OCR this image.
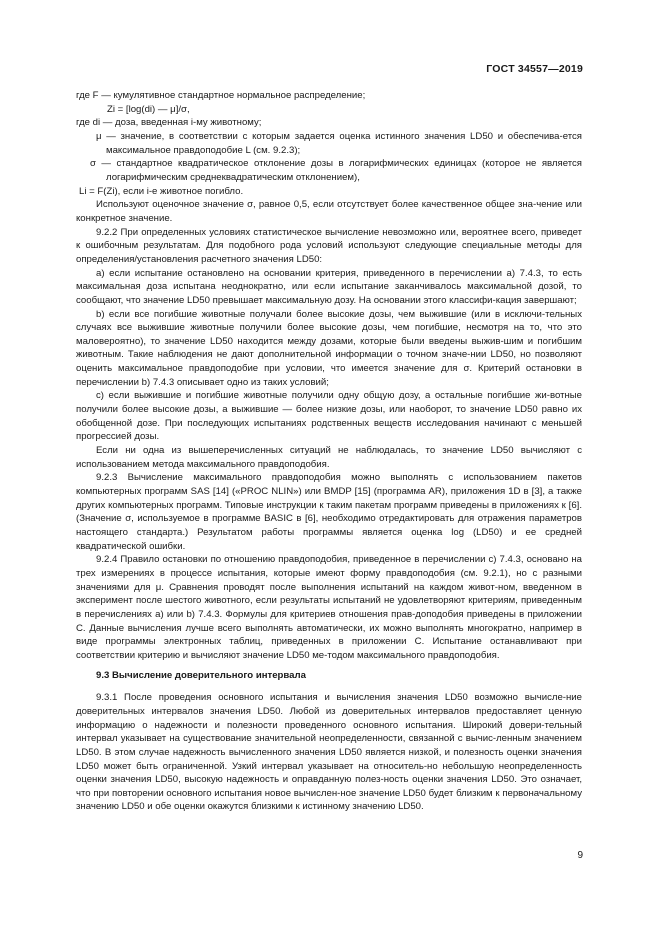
ГОСТ 34557—2019

где F — кумулятивное стандартное нормальное распределение;

Zi = [log(di) — μ]/σ,

где di — доза, введенная i-му животному;

μ — значение, в соответствии с которым задается оценка истинного значения LD50 и обеспечива-ется максимальное правдоподобие L (см. 9.2.3);

σ — стандартное квадратическое отклонение дозы в логарифмических единицах (которое не является логарифмическим среднеквадратическим отклонением),

Li = F(Zi), если i-е животное погибло.

Используют оценочное значение σ, равное 0,5, если отсутствует более качественное общее зна-чение или конкретное значение.

9.2.2 При определенных условиях статистическое вычисление невозможно или, вероятнее всего, приведет к ошибочным результатам. Для подобного рода условий используют следующие специальные методы для определения/установления расчетного значения LD50:

а) если испытание остановлено на основании критерия, приведенного в перечислении а) 7.4.3, то есть максимальная доза испытана неоднократно, или если испытание заканчивалось максимальной дозой, то сообщают, что значение LD50 превышает максимальную дозу. На основании этого классифи-кация завершают;

b) если все погибшие животные получали более высокие дозы, чем выжившие (или в исключи-тельных случаях все выжившие животные получили более высокие дозы, чем погибшие, несмотря на то, что это маловероятно), то значение LD50 находится между дозами, которые были введены выжив-шим и погибшим животным. Такие наблюдения не дают дополнительной информации о точном значе-нии LD50, но позволяют оценить максимальное правдоподобие при условии, что имеется значение для σ. Критерий остановки в перечислении b) 7.4.3 описывает одно из таких условий;

с) если выжившие и погибшие животные получили одну общую дозу, а остальные погибшие жи-вотные получили более высокие дозы, а выжившие — более низкие дозы, или наоборот, то значение LD50 равно их обобщенной дозе. При последующих испытаниях родственных веществ исследования начинают с меньшей прогрессией дозы.

Если ни одна из вышеперечисленных ситуаций не наблюдалась, то значение LD50 вычисляют с использованием метода максимального правдоподобия.

9.2.3 Вычисление максимального правдоподобия можно выполнять с использованием пакетов компьютерных программ SAS [14] («PROC NLIN») или BMDP [15] (программа AR), приложения 1D в [3], а также других компьютерных программ. Типовые инструкции к таким пакетам программ приведены в приложениях к [6]. (Значение σ, используемое в программе BASIC в [6], необходимо отредактировать для отражения параметров настоящего стандарта.) Результатом работы программы является оценка log (LD50) и ее средней квадратической ошибки.

9.2.4 Правило остановки по отношению правдоподобия, приведенное в перечислении с) 7.4.3, основано на трех измерениях в процессе испытания, которые имеют форму правдоподобия (см. 9.2.1), но с разными значениями для μ. Сравнения проводят после выполнения испытаний на каждом живот-ном, введенном в эксперимент после шестого животного, если результаты испытаний не удовлетворяют критериям, приведенным в перечислениях а) или b) 7.4.3. Формулы для критериев отношения прав-доподобия приведены в приложении С. Данные вычисления лучше всего выполнять автоматически, их можно выполнять многократно, например в виде программы электронных таблиц, приведенных в приложении С. Испытание останавливают при соответствии критерию и вычисляют значение LD50 ме-тодом максимального правдоподобия.

9.3 Вычисление доверительного интервала

9.3.1 После проведения основного испытания и вычисления значения LD50 возможно вычисле-ние доверительных интервалов значения LD50. Любой из доверительных интервалов предоставляет ценную информацию о надежности и полезности проведенного основного испытания. Широкий довери-тельный интервал указывает на существование значительной неопределенности, связанной с вычис-ленным значением LD50. В этом случае надежность вычисленного значения LD50 является низкой, и полезность оценки значения LD50 может быть ограниченной. Узкий интервал указывает на относитель-но небольшую неопределенность оценки значения LD50, высокую надежность и оправданную полез-ность оценки значения LD50. Это означает, что при повторении основного испытания новое вычислен-ное значение LD50 будет близким к первоначальному значению LD50 и обе оценки окажутся близкими к истинному значению LD50.

9
